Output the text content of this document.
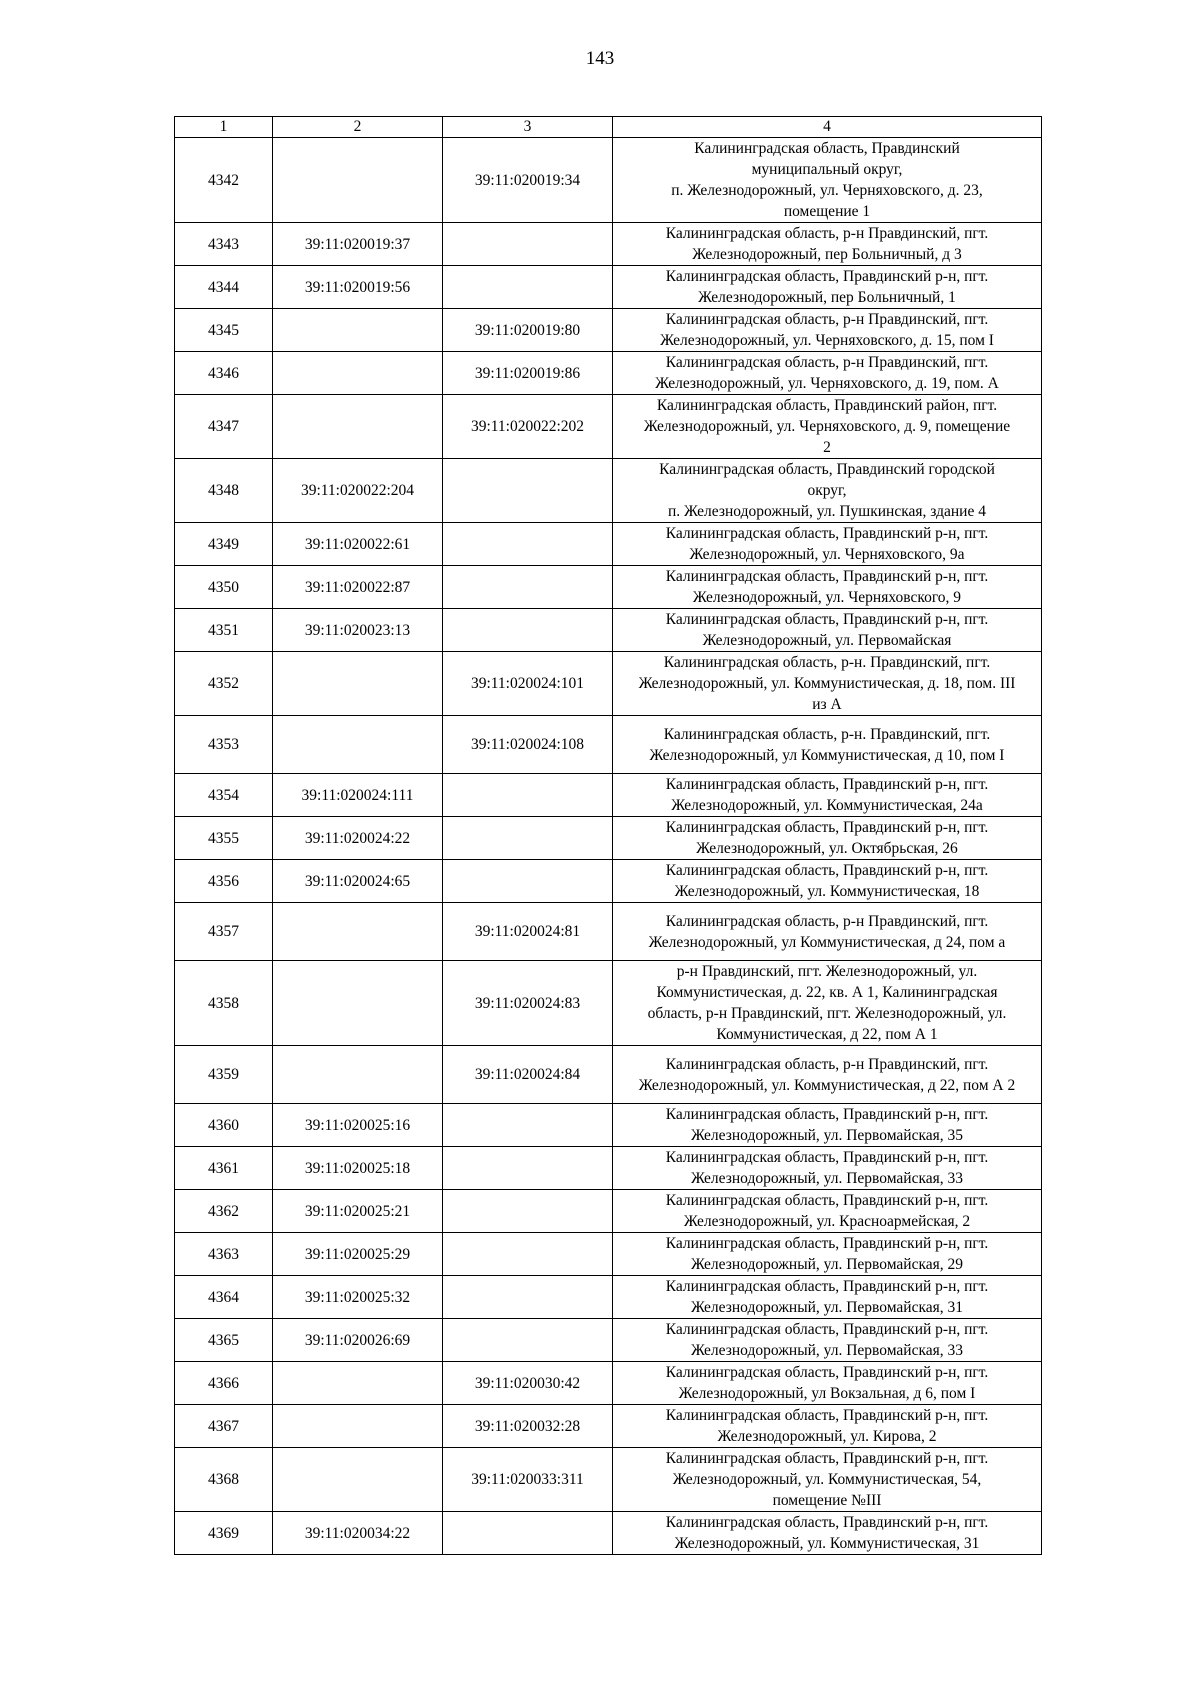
143
1	2	3	4
4342		39:11:020019:34	Калининградская область, Правдинский
муниципальный округ,
п. Железнодорожный, ул. Черняховского, д. 23,
помещение 1
4343	39:11:020019:37		Калининградская область, р-н Правдинский, пгт.
Железнодорожный, пер Больничный, д 3
4344	39:11:020019:56		Калининградская область, Правдинский р-н, пгт.
Железнодорожный, пер Больничный, 1
4345		39:11:020019:80	Калининградская область, р-н Правдинский, пгт.
Железнодорожный, ул. Черняховского, д. 15, пом I
4346		39:11:020019:86	Калининградская область, р-н Правдинский, пгт.
Железнодорожный, ул. Черняховского, д. 19, пом. А
4347		39:11:020022:202	Калининградская область, Правдинский район, пгт.
Железнодорожный, ул. Черняховского, д. 9, помещение
2
4348	39:11:020022:204		Калининградская область, Правдинский городской
округ,
п. Железнодорожный, ул. Пушкинская, здание 4
4349	39:11:020022:61		Калининградская область, Правдинский р-н, пгт.
Железнодорожный, ул. Черняховского, 9а
4350	39:11:020022:87		Калининградская область, Правдинский р-н, пгт.
Железнодорожный, ул. Черняховского, 9
4351	39:11:020023:13		Калининградская область, Правдинский р-н, пгт.
Железнодорожный, ул. Первомайская
4352		39:11:020024:101	Калининградская область, р-н. Правдинский, пгт.
Железнодорожный, ул. Коммунистическая, д. 18, пом. III
из А
4353		39:11:020024:108	Калининградская область, р-н. Правдинский, пгт.
Железнодорожный, ул Коммунистическая, д 10, пом I
4354	39:11:020024:111		Калининградская область, Правдинский р-н, пгт.
Железнодорожный, ул. Коммунистическая, 24а
4355	39:11:020024:22		Калининградская область, Правдинский р-н, пгт.
Железнодорожный, ул. Октябрьская, 26
4356	39:11:020024:65		Калининградская область, Правдинский р-н, пгт.
Железнодорожный, ул. Коммунистическая, 18
4357		39:11:020024:81	Калининградская область, р-н Правдинский, пгт.
Железнодорожный, ул Коммунистическая, д 24, пом а
4358		39:11:020024:83	р-н Правдинский, пгт. Железнодорожный, ул.
Коммунистическая, д. 22, кв. А 1, Калининградская
область, р-н Правдинский, пгт. Железнодорожный, ул.
Коммунистическая, д 22, пом А 1
4359		39:11:020024:84	Калининградская область, р-н Правдинский, пгт.
Железнодорожный, ул. Коммунистическая, д 22, пом А 2
4360	39:11:020025:16		Калининградская область, Правдинский р-н, пгт.
Железнодорожный, ул. Первомайская, 35
4361	39:11:020025:18		Калининградская область, Правдинский р-н, пгт.
Железнодорожный, ул. Первомайская, 33
4362	39:11:020025:21		Калининградская область, Правдинский р-н, пгт.
Железнодорожный, ул. Красноармейская, 2
4363	39:11:020025:29		Калининградская область, Правдинский р-н, пгт.
Железнодорожный, ул. Первомайская, 29
4364	39:11:020025:32		Калининградская область, Правдинский р-н, пгт.
Железнодорожный, ул. Первомайская, 31
4365	39:11:020026:69		Калининградская область, Правдинский р-н, пгт.
Железнодорожный, ул. Первомайская, 33
4366		39:11:020030:42	Калининградская область, Правдинский р-н, пгт.
Железнодорожный, ул Вокзальная, д 6, пом I
4367		39:11:020032:28	Калининградская область, Правдинский р-н, пгт.
Железнодорожный, ул. Кирова, 2
4368		39:11:020033:311	Калининградская область, Правдинский р-н, пгт.
Железнодорожный, ул. Коммунистическая, 54,
помещение №III
4369	39:11:020034:22		Калининградская область, Правдинский р-н, пгт.
Железнодорожный, ул. Коммунистическая, 31
